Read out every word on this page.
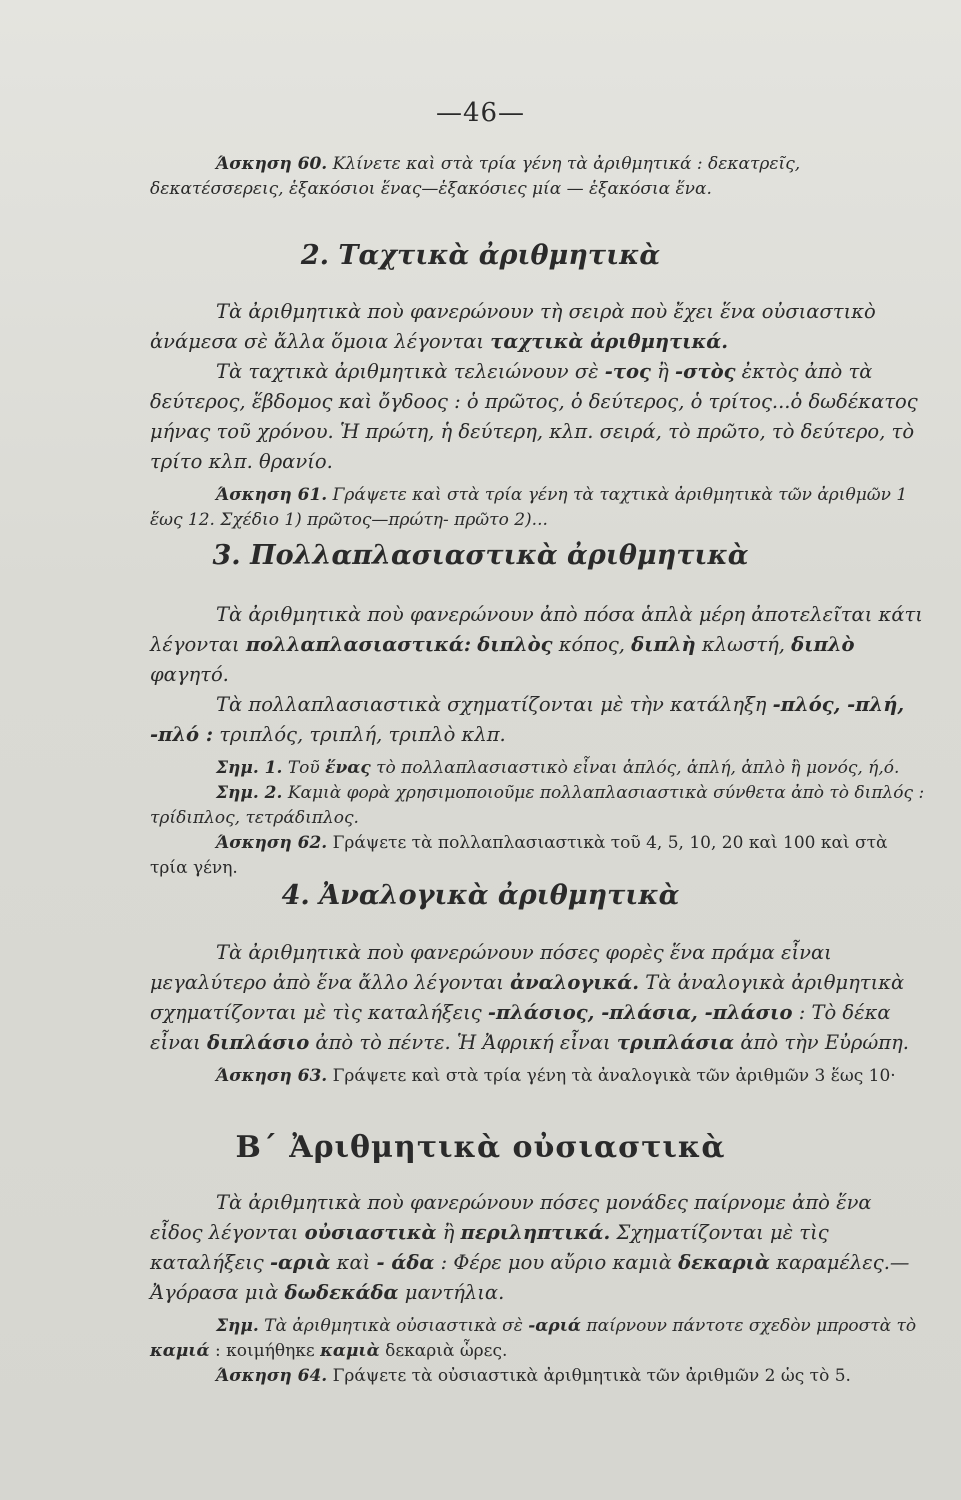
—46—

Άσκηση 60. Κλίνετε καὶ στὰ τρία γένη τὰ ἀριθμητικά : δεκατρεῖς, δεκατέσσερεις, ἑξακόσιοι ἕνας—ἑξακόσιες μία — ἑξακόσια ἕνα.

2. Ταχτικὰ ἀριθμητικὰ

Τὰ ἀριθμητικὰ ποὺ φανερώνουν τὴ σειρὰ ποὺ ἔχει ἕνα οὐσιαστικὸ ἀνάμεσα σὲ ἄλλα ὅμοια λέγονται ταχτικὰ ἀριθμητικά.

Τὰ ταχτικὰ ἀριθμητικὰ τελειώνουν σὲ -τος ἢ -στὸς ἐκτὸς ἀπὸ τὰ δεύτερος, ἕβδομος καὶ ὄγδοος : ὁ πρῶτος, ὁ δεύτερος, ὁ τρίτος...ὁ δωδέκατος μήνας τοῦ χρόνου. Ἡ πρώτη, ἡ δεύτερη, κλπ. σειρά, τὸ πρῶτο, τὸ δεύτερο, τὸ τρίτο κλπ. θρανίο.

Άσκηση 61. Γράψετε καὶ στὰ τρία γένη τὰ ταχτικὰ ἀριθμητικὰ τῶν ἀριθμῶν 1 ἕως 12. Σχέδιο 1) πρῶτος—πρώτη- πρῶτο 2)...

3. Πολλαπλασιαστικὰ ἀριθμητικὰ

Τὰ ἀριθμητικὰ ποὺ φανερώνουν ἀπὸ πόσα ἁπλὰ μέρη ἀποτελεῖται κάτι λέγονται πολλαπλασιαστικά: διπλὸς κόπος, διπλὴ κλωστή, διπλὸ φαγητό.

Τὰ πολλαπλασιαστικὰ σχηματίζονται μὲ τὴν κατάληξη -πλός, -πλή, -πλό : τριπλός, τριπλή, τριπλὸ κλπ.

Σημ. 1. Τοῦ ἕνας τὸ πολλαπλασιαστικὸ εἶναι ἁπλός, ἁπλή, ἁπλὸ ἢ μονός, ή,ό.

Σημ. 2. Καμιὰ φορὰ χρησιμοποιοῦμε πολλαπλασιαστικὰ σύνθετα ἀπὸ τὸ διπλός : τρίδιπλος, τετράδιπλος.

Άσκηση 62. Γράψετε τὰ πολλαπλασιαστικὰ τοῦ 4, 5, 10, 20 καὶ 100 καὶ στὰ τρία γένη.

4. Ἀναλογικὰ ἀριθμητικὰ

Τὰ ἀριθμητικὰ ποὺ φανερώνουν πόσες φορὲς ἕνα πράμα εἶναι μεγαλύτερο ἀπὸ ἕνα ἄλλο λέγονται ἀναλογικά. Τὰ ἀναλογικὰ ἀριθμητικὰ σχηματίζονται μὲ τὶς καταλήξεις -πλάσιος, -πλάσια, -πλάσιο : Τὸ δέκα εἶναι διπλάσιο ἀπὸ τὸ πέντε. Ἡ Ἀφρική εἶναι τριπλάσια ἀπὸ τὴν Εὐρώπη.

Άσκηση 63. Γράψετε καὶ στὰ τρία γένη τὰ ἀναλογικὰ τῶν ἀριθμῶν 3 ἕως 10·

Β΄ Ἀριθμητικὰ οὐσιαστικὰ

Τὰ ἀριθμητικὰ ποὺ φανερώνουν πόσες μονάδες παίρνομε ἀπὸ ἕνα εἶδος λέγονται οὐσιαστικὰ ἢ περιληπτικά. Σχηματίζονται μὲ τὶς καταλήξεις -αριὰ καὶ - άδα : Φέρε μου αὔριο καμιὰ δεκαριὰ καραμέλες.— Ἀγόρασα μιὰ δωδεκάδα μαντήλια.

Σημ. Τὰ ἀριθμητικὰ οὐσιαστικὰ σὲ -αριά παίρνουν πάντοτε σχεδὸν μπροστὰ τὸ καμιά : κοιμήθηκε καμιὰ δεκαριὰ ὧρες.

Άσκηση 64. Γράψετε τὰ οὐσιαστικὰ ἀριθμητικὰ τῶν ἀριθμῶν 2 ὡς τὸ 5.
